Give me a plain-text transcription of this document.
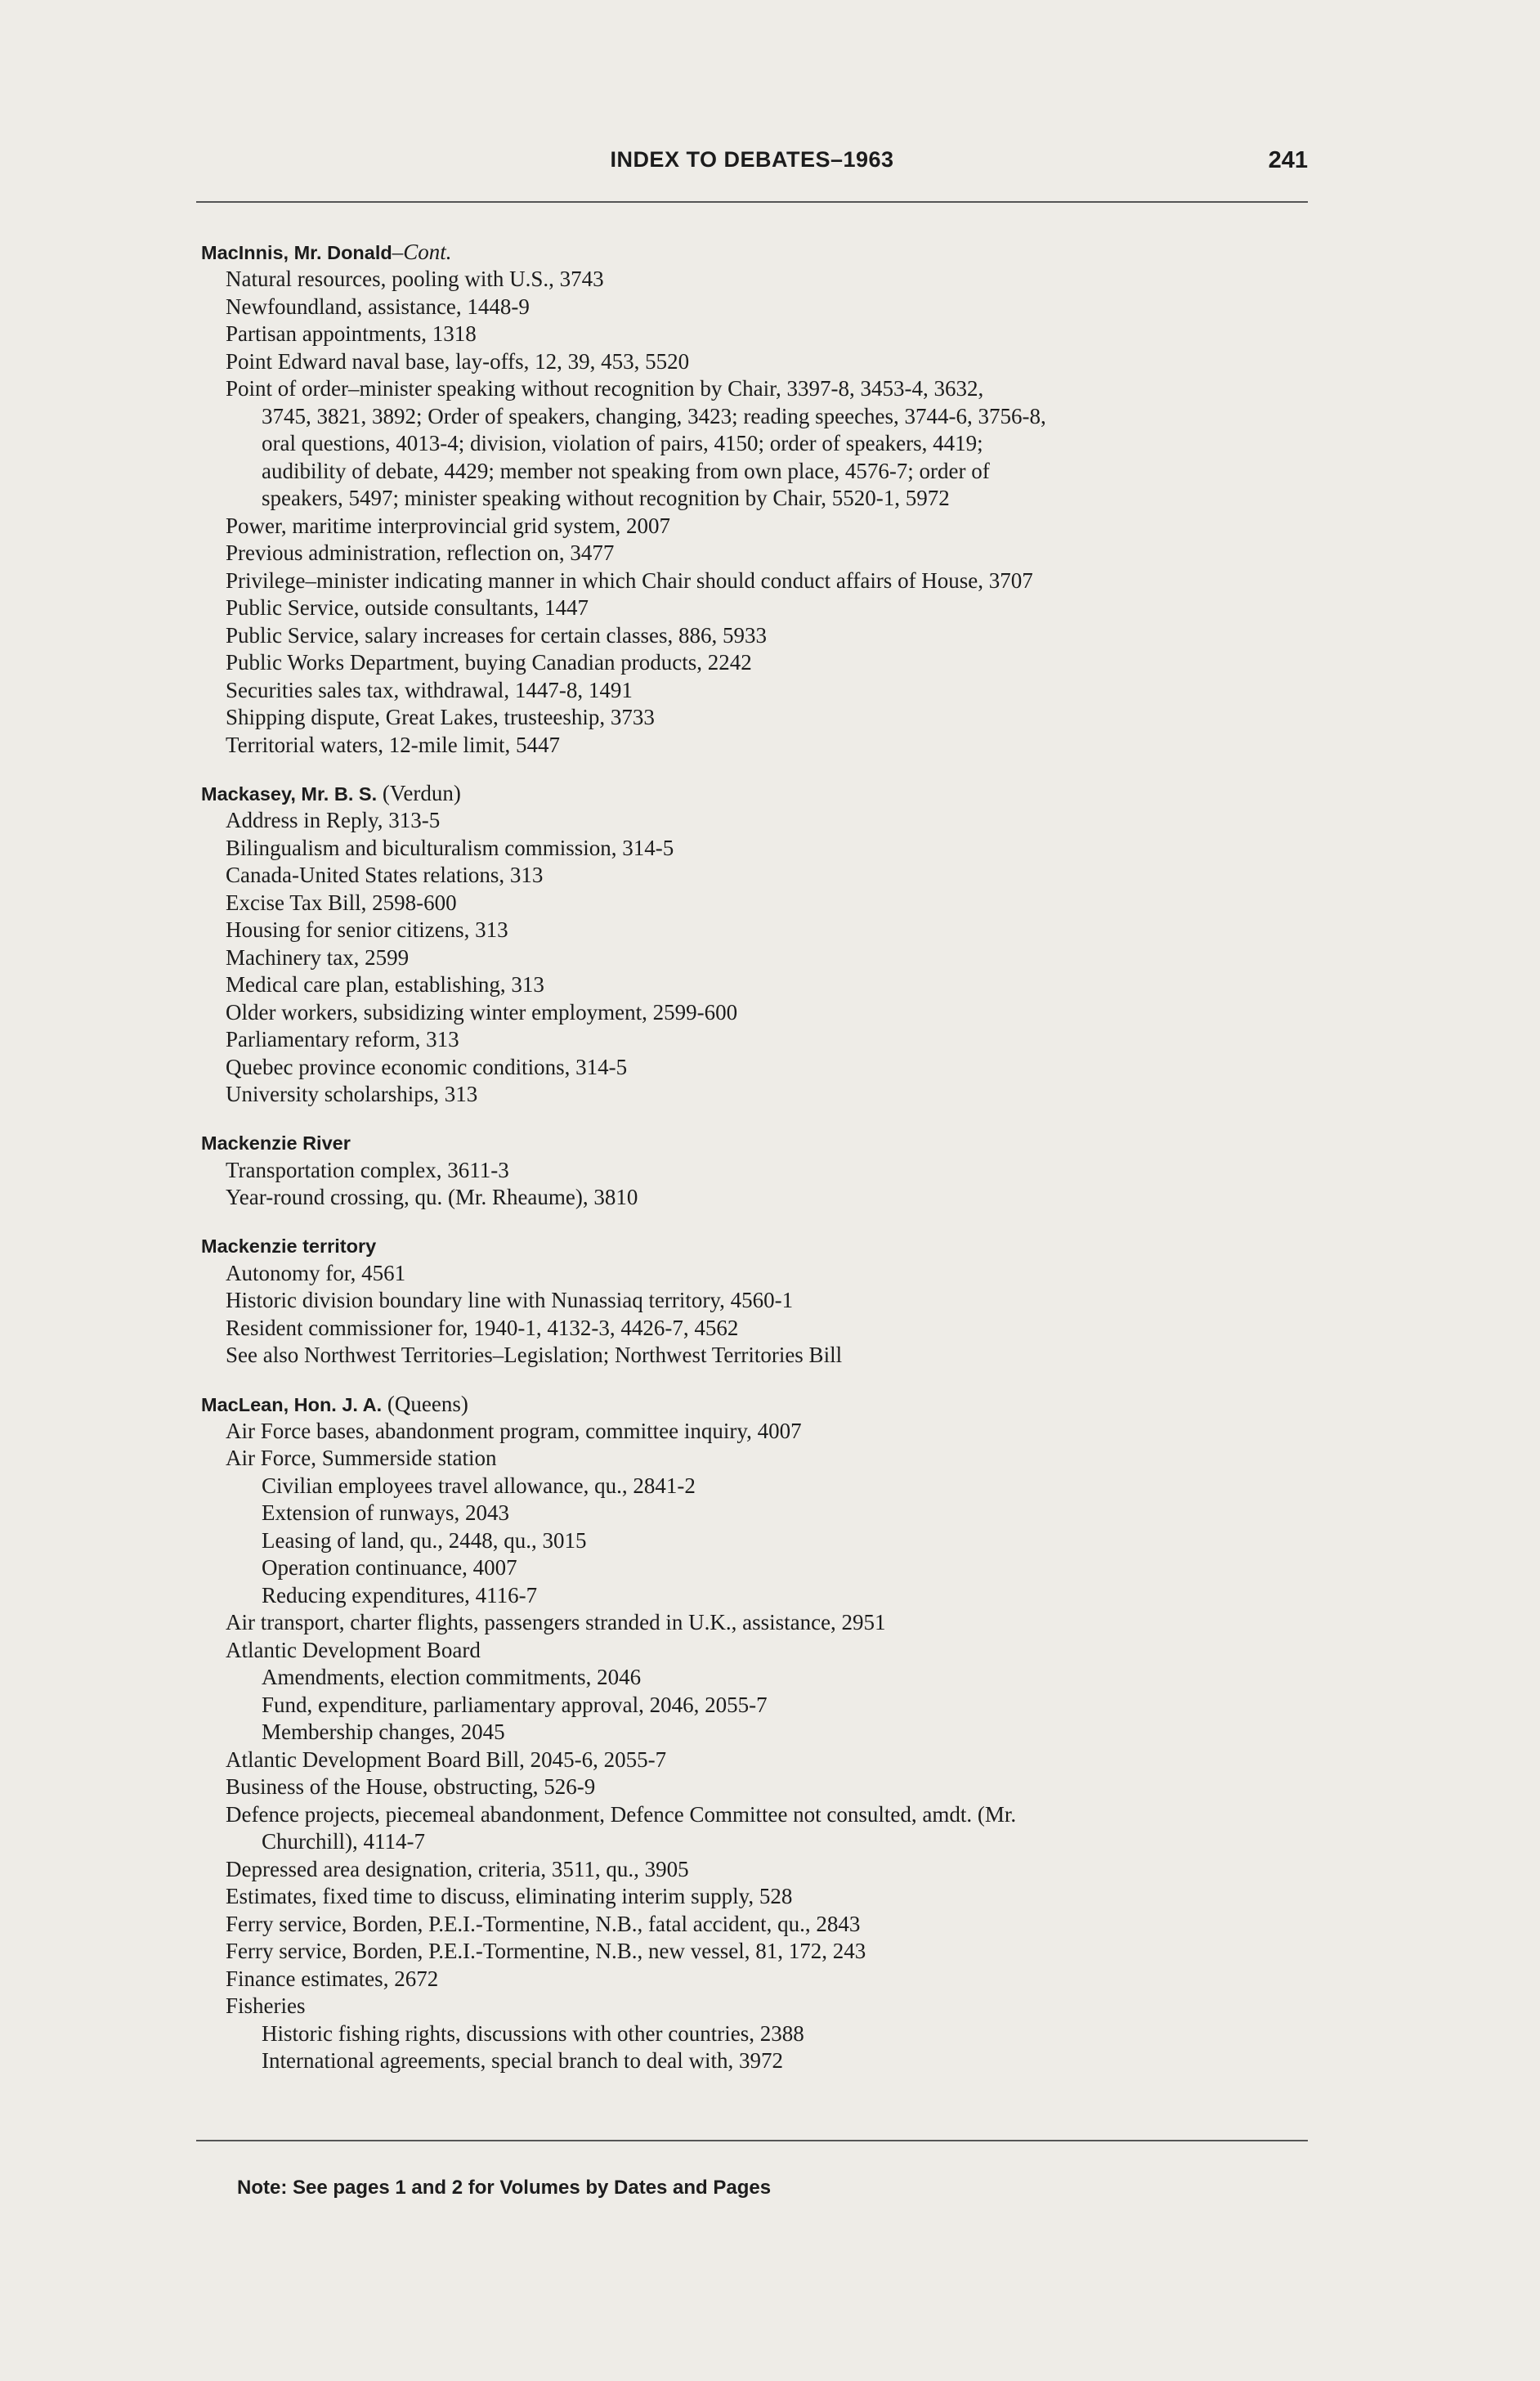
INDEX TO DEBATES–1963	241
MacInnis, Mr. Donald–Cont.
Natural resources, pooling with U.S., 3743
Newfoundland, assistance, 1448-9
Partisan appointments, 1318
Point Edward naval base, lay-offs, 12, 39, 453, 5520
Point of order–minister speaking without recognition by Chair, 3397-8, 3453-4, 3632,
3745, 3821, 3892; Order of speakers, changing, 3423; reading speeches, 3744-6, 3756-8,
oral questions, 4013-4; division, violation of pairs, 4150; order of speakers, 4419;
audibility of debate, 4429; member not speaking from own place, 4576-7; order of
speakers, 5497; minister speaking without recognition by Chair, 5520-1, 5972
Power, maritime interprovincial grid system, 2007
Previous administration, reflection on, 3477
Privilege–minister indicating manner in which Chair should conduct affairs of House, 3707
Public Service, outside consultants, 1447
Public Service, salary increases for certain classes, 886, 5933
Public Works Department, buying Canadian products, 2242
Securities sales tax, withdrawal, 1447-8, 1491
Shipping dispute, Great Lakes, trusteeship, 3733
Territorial waters, 12-mile limit, 5447
Mackasey, Mr. B. S. (Verdun)
Address in Reply, 313-5
Bilingualism and biculturalism commission, 314-5
Canada-United States relations, 313
Excise Tax Bill, 2598-600
Housing for senior citizens, 313
Machinery tax, 2599
Medical care plan, establishing, 313
Older workers, subsidizing winter employment, 2599-600
Parliamentary reform, 313
Quebec province economic conditions, 314-5
University scholarships, 313
Mackenzie River
Transportation complex, 3611-3
Year-round crossing, qu. (Mr. Rheaume), 3810
Mackenzie territory
Autonomy for, 4561
Historic division boundary line with Nunassiaq territory, 4560-1
Resident commissioner for, 1940-1, 4132-3, 4426-7, 4562
See also Northwest Territories–Legislation; Northwest Territories Bill
MacLean, Hon. J. A. (Queens)
Air Force bases, abandonment program, committee inquiry, 4007
Air Force, Summerside station
Civilian employees travel allowance, qu., 2841-2
Extension of runways, 2043
Leasing of land, qu., 2448, qu., 3015
Operation continuance, 4007
Reducing expenditures, 4116-7
Air transport, charter flights, passengers stranded in U.K., assistance, 2951
Atlantic Development Board
Amendments, election commitments, 2046
Fund, expenditure, parliamentary approval, 2046, 2055-7
Membership changes, 2045
Atlantic Development Board Bill, 2045-6, 2055-7
Business of the House, obstructing, 526-9
Defence projects, piecemeal abandonment, Defence Committee not consulted, amdt. (Mr.
Churchill), 4114-7
Depressed area designation, criteria, 3511, qu., 3905
Estimates, fixed time to discuss, eliminating interim supply, 528
Ferry service, Borden, P.E.I.-Tormentine, N.B., fatal accident, qu., 2843
Ferry service, Borden, P.E.I.-Tormentine, N.B., new vessel, 81, 172, 243
Finance estimates, 2672
Fisheries
Historic fishing rights, discussions with other countries, 2388
International agreements, special branch to deal with, 3972
Note: See pages 1 and 2 for Volumes by Dates and Pages
